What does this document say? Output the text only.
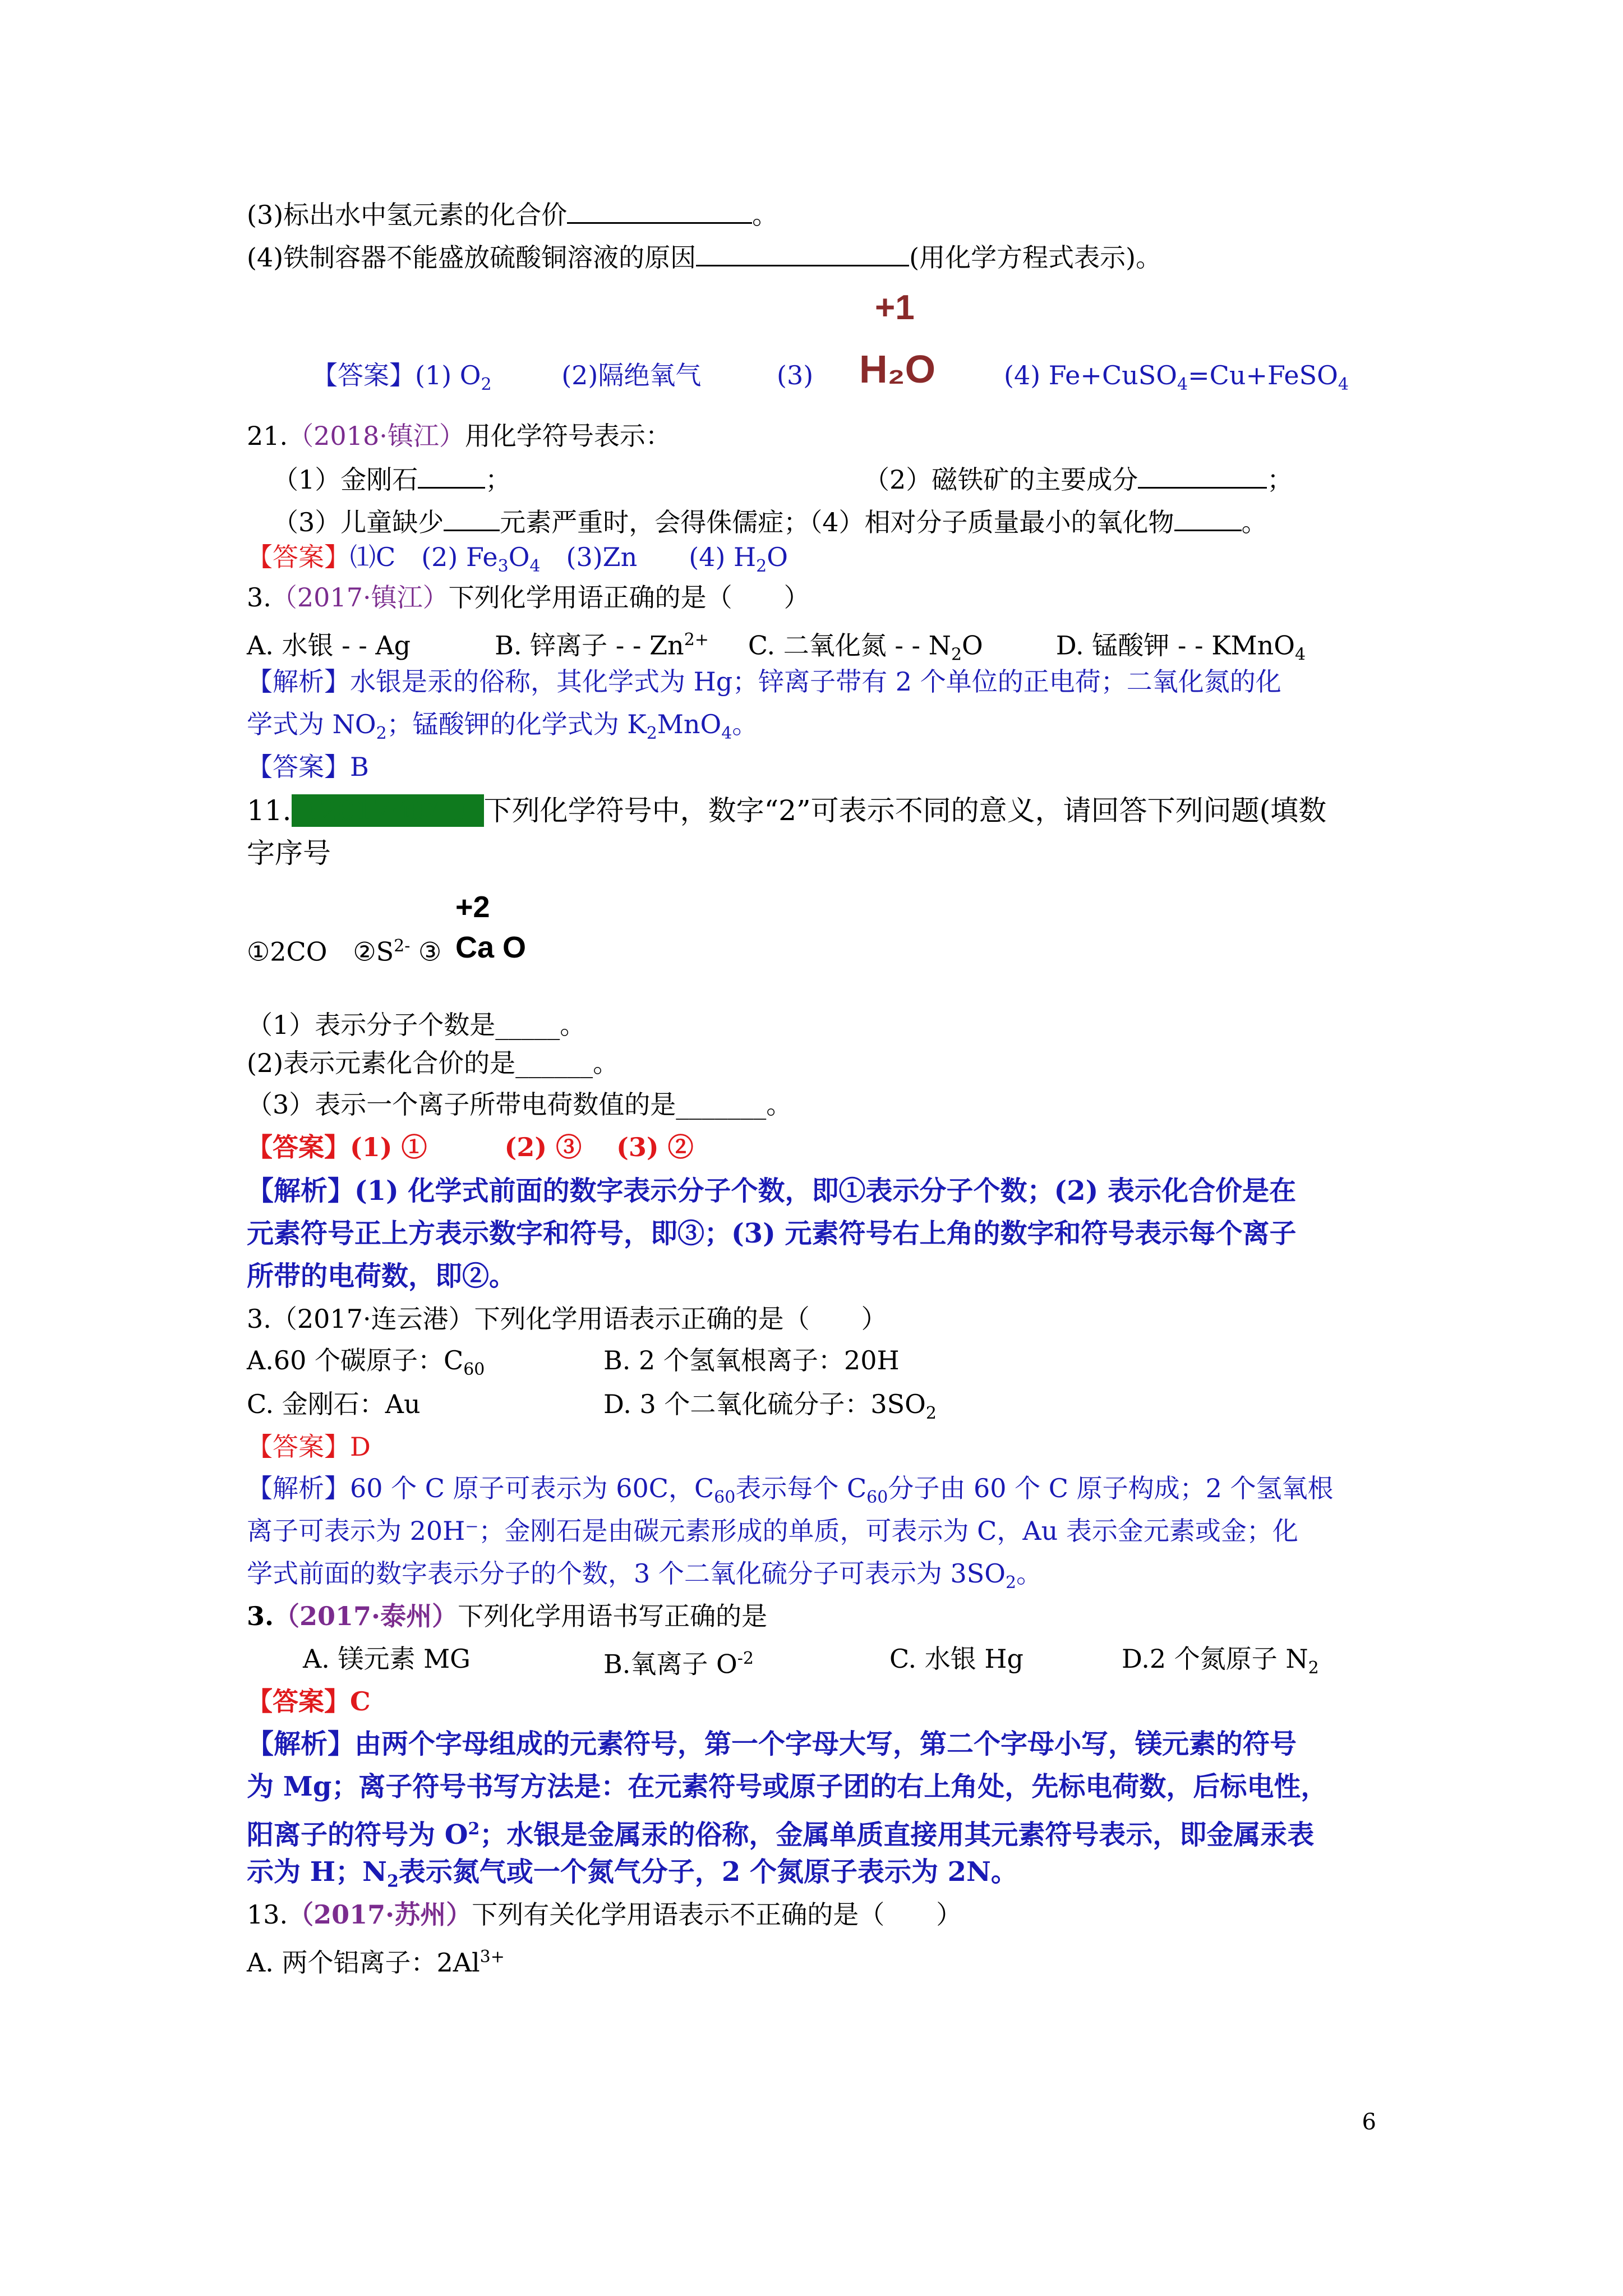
(3)标出水中氢元素的化合价	。
(4)铁制容器不能盛放硫酸铜溶液的原因	(用化学方程式表示)。
+1
【答案】(1) $O_2$	(2)隔绝氧气	(3) H₂O	(4) Fe+CuSO$_4$=Cu+FeSO$_4$
21.（2018·镇江）用化学符号表示：
（1）金刚石	；	（2）磁铁矿的主要成分	；
（3）儿童缺少 元素严重时，会得侏儒症；（4）相对分子质量最小的氧化物	。
【答案】⑴C　(2) $Fe_3O_4$　(3)Zn　　(4) $H_2O$
3.（2017·镇江）下列化学用语正确的是（　　）
A. 水银 - - Ag	B. 锌离子 - - $Zn^{2+}$ C. 二氧化氮 - - $N_2O$	D. 锰酸钾 - - KMnO$_4$
【解析】水银是汞的俗称，其化学式为 Hg；锌离子带有 2 个单位的正电荷；二氧化氮的化
学式为 $NO_2$；锰酸钾的化学式为 $K_2MnO_4$。
【答案】B
11.（2017·镇江）下列化学符号中，数字“2”可表示不同的意义，请回答下列问题(填数
字序号
+2
①2CO　$②S^{2-}$ ③ Ca O
（1）表示分子个数是_____。
(2)表示元素化合价的是______。
（3）表示一个离子所带电荷数值的是_______。
【答案】(1) ①　　　(2) ③　 (3) ②
【解析】(1) 化学式前面的数字表示分子个数，即①表示分子个数；(2) 表示化合价是在
元素符号正上方表示数字和符号，即③；(3) 元素符号右上角的数字和符号表示每个离子
所带的电荷数，即②。
3.（2017·连云港）下列化学用语表示正确的是（　　）
A.60 个碳原子：$C_{60}$	B. 2 个氢氧根离子：20H
C. 金刚石：Au	D. 3 个二氧化硫分子：$3SO_2$
【答案】D
【解析】60 个 C 原子可表示为 60C，$C_{60}$表示每个 $C_{60}$分子由 60 个 C 原子构成；2 个氢氧根
离子可表示为 20H⁻；金刚石是由碳元素形成的单质，可表示为 C，Au 表示金元素或金；化
学式前面的数字表示分子的个数，3 个二氧化硫分子可表示为 $3SO_2$。
3.（2017·泰州）下列化学用语书写正确的是
A. 镁元素 MG	B.氧离子 $O^{-2}$	C. 水银 Hg	D.2 个氮原子 $N_2$
【答案】C
【解析】由两个字母组成的元素符号，第一个字母大写，第二个字母小写，镁元素的符号
为 Mg；离子符号书写方法是：在元素符号或原子团的右上角处，先标电荷数，后标电性，
阳离子的符号为 $O^2$；水银是金属汞的俗称，金属单质直接用其元素符号表示，即金属汞表
示为 H；$N_2$表示氮气或一个氮气分子，2 个氮原子表示为 2N。
13.（2017·苏州）下列有关化学用语表示不正确的是（　　）
A. 两个铝离子：$2Al^{3+}$
6
